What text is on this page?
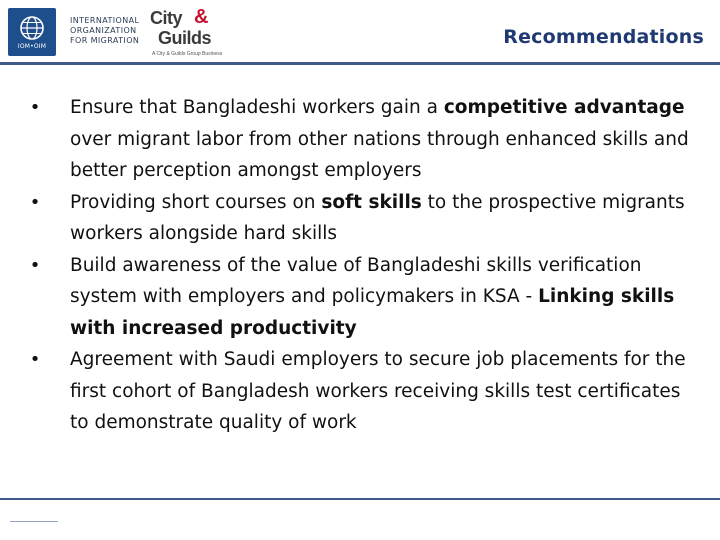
IOM•OIM
INTERNATIONAL
ORGANIZATION
FOR MIGRATION
City &
Guilds
A City & Guilds Group Business
Recommendations
• Ensure that Bangladeshi workers gain a competitive advantage over migrant labor from other nations through enhanced skills and better perception amongst employers
• Providing short courses on soft skills to the prospective migrants workers alongside hard skills
• Build awareness of the value of Bangladeshi skills verification system with employers and policymakers in KSA - Linking skills with increased productivity
• Agreement with Saudi employers to secure job placements for the first cohort of Bangladesh workers receiving skills test certificates to demonstrate quality of work
